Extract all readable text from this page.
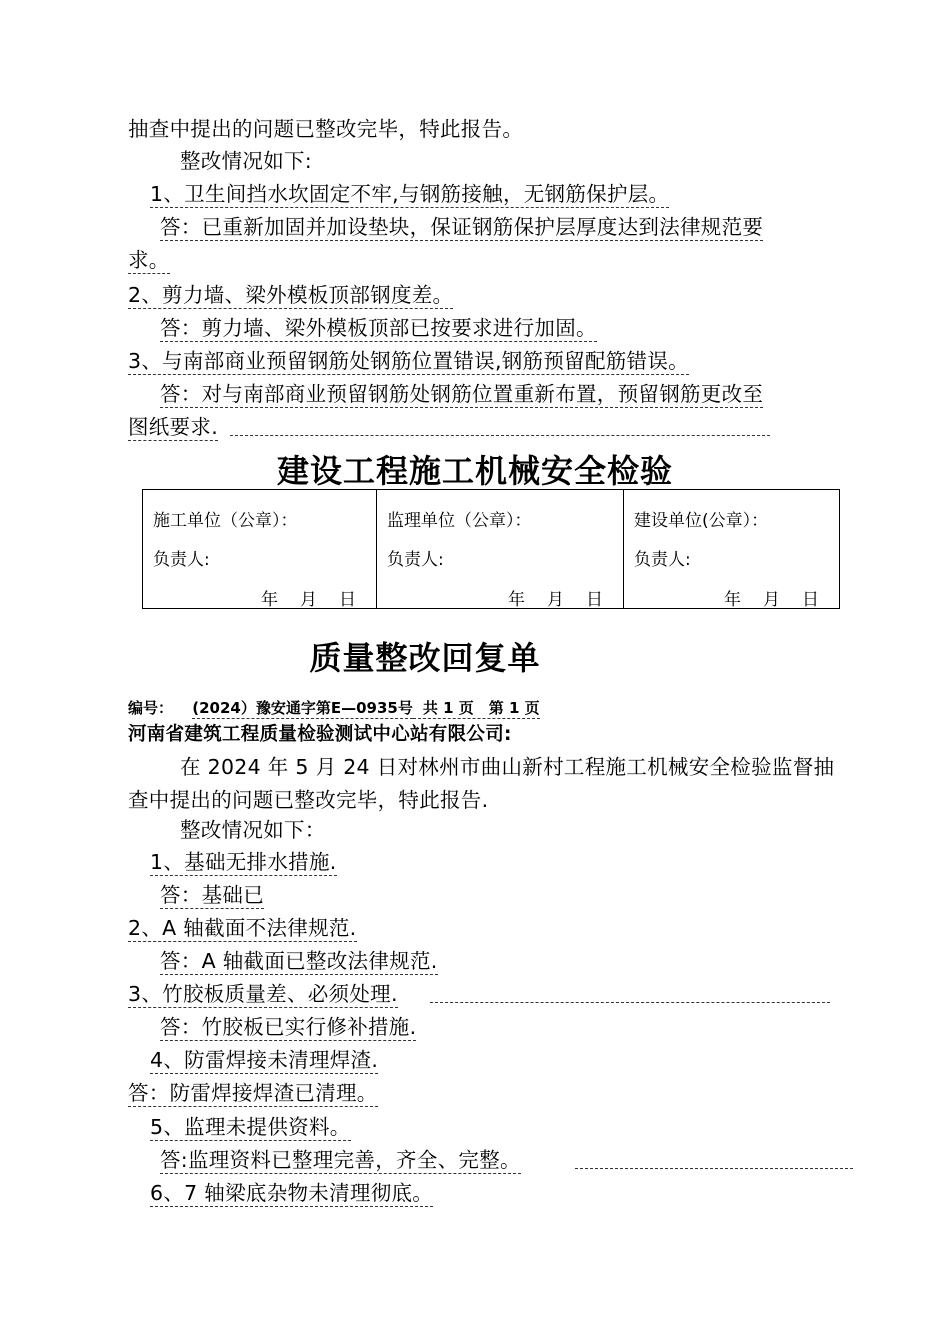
抽查中提出的问题已整改完毕，特此报告。
整改情况如下:
1、卫生间挡水坎固定不牢,与钢筋接触，无钢筋保护层。
答：已重新加固并加设垫块，保证钢筋保护层厚度达到法律规范要
求。
2、剪力墙、梁外模板顶部钢度差。
答：剪力墙、梁外模板顶部已按要求进行加固。
3、与南部商业预留钢筋处钢筋位置错误,钢筋预留配筋错误。
答：对与南部商业预留钢筋处钢筋位置重新布置，预留钢筋更改至
图纸要求.
建设工程施工机械安全检验
施工单位（公章）：
负责人:
年 月 日
监理单位（公章）：
负责人:
年 月 日
建设单位(公章）：
负责人:
年 月 日
质量整改回复单
编号： (2024）豫安通字第E—0935号 共 1 页　第 1 页
河南省建筑工程质量检验测试中心站有限公司:
在 2024 年 5 月 24 日对林州市曲山新村工程施工机械安全检验监督抽
查中提出的问题已整改完毕，特此报告.
整改情况如下：
1、基础无排水措施.
答：基础已
2、A 轴截面不法律规范.
答：A 轴截面已整改法律规范.
3、竹胶板质量差、必须处理.
答：竹胶板已实行修补措施.
4、防雷焊接未清理焊渣.
答：防雷焊接焊渣已清理。
5、监理未提供资料。
答:监理资料已整理完善，齐全、完整。
6、7 轴梁底杂物未清理彻底。
